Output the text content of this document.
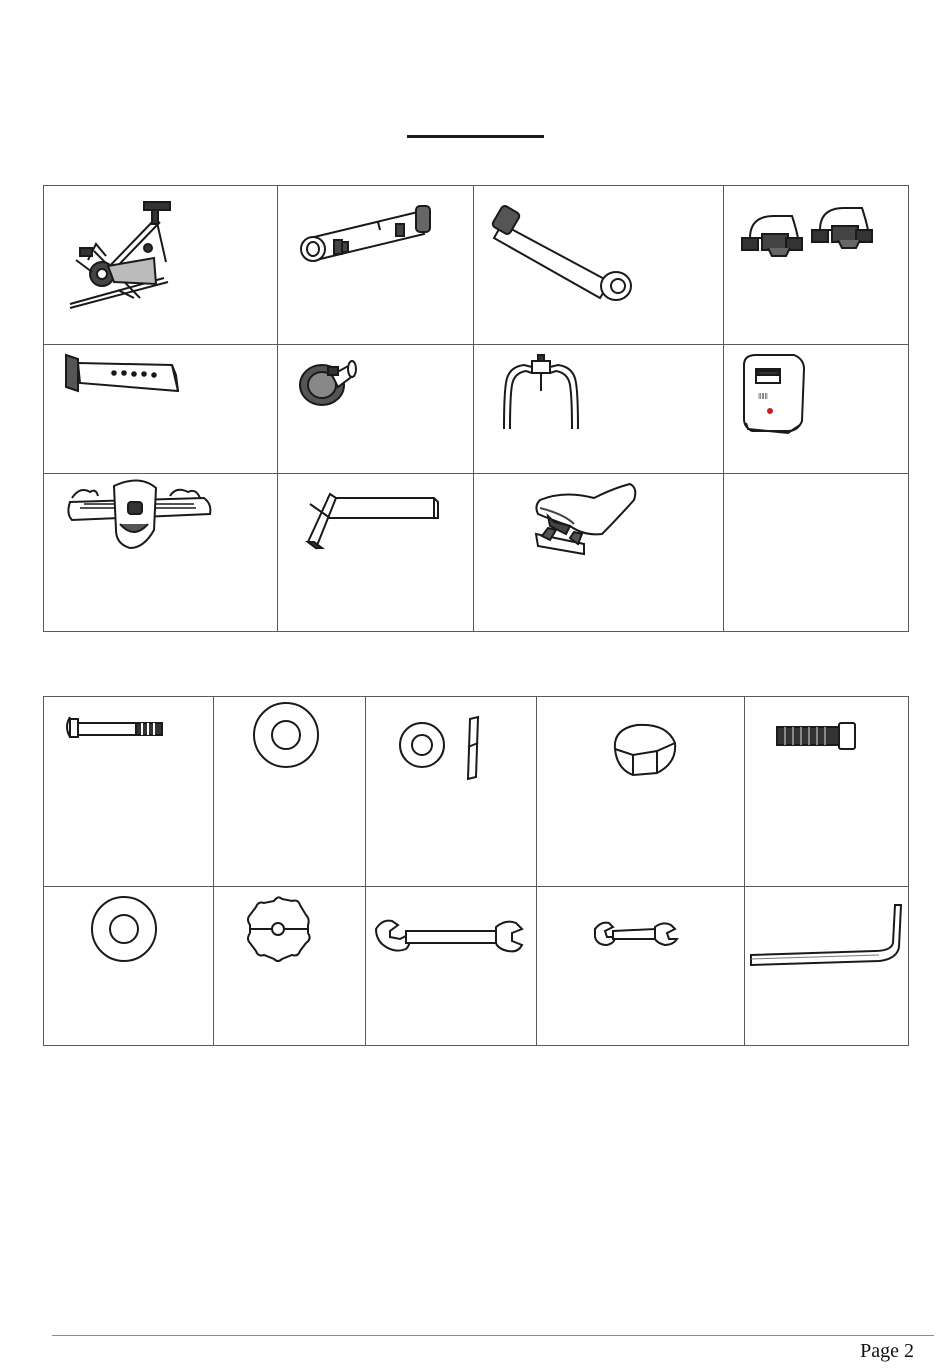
ǁǁǁ

Page 2
